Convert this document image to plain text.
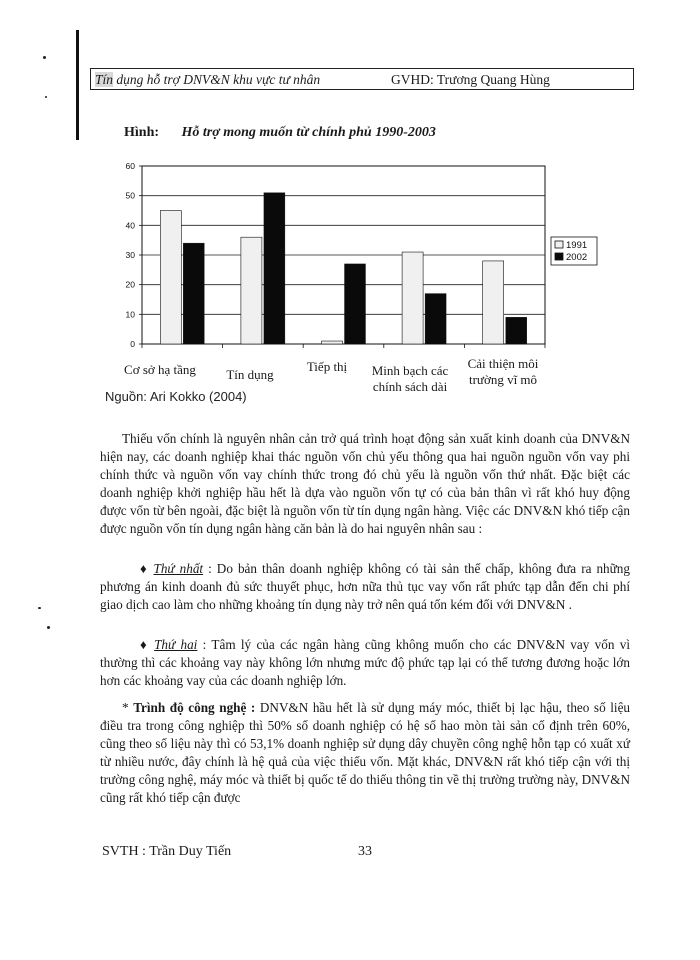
Tín dụng hỗ trợ DNV&N khu vực tư nhân	GVHD: Trương Quang Hùng
Hình: Hỗ trợ mong muốn từ chính phủ 1990-2003
0
10
20
30
40
50
60
1991
2002
Cơ sở hạ tầng	Tín dụng
Tiếp thị	Minh bạch các chính sách dài
Cải thiện môi trường vĩ mô
Nguồn: Ari Kokko (2004)

Thiếu vốn chính là nguyên nhân cản trở quá trình hoạt động sản xuất kinh doanh của DNV&N hiện nay, các doanh nghiệp khai thác nguồn vốn chủ yếu thông qua hai nguồn nguồn vốn vay phi chính thức và nguồn vốn vay chính thức trong đó chủ yếu là nguồn vốn thứ nhất. Đặc biệt các doanh nghiệp khởi nghiệp hầu hết là dựa vào nguồn vốn tự có của bản thân vì rất khó huy động được vốn từ bên ngoài, đặc biệt là nguồn vốn từ tín dụng ngân hàng. Việc các DNV&N khó tiếp cận được nguồn vốn tín dụng ngân hàng căn bản là do hai nguyên nhân sau :

♦ Thứ nhất : Do bản thân doanh nghiệp không có tài sản thế chấp, không đưa ra những phương án kinh doanh đủ sức thuyết phục, hơn nữa thủ tục vay vốn rất phức tạp dẫn đến chi phí giao dịch cao làm cho những khoảng tín dụng này trở nên quá tốn kém đối với DNV&N .

♦ Thứ hai : Tâm lý của các ngân hàng cũng không muốn cho các DNV&N vay vốn vì thường thì các khoảng vay này không lớn nhưng mức độ phức tạp lại có thể tương đương hoặc lớn hơn các khoảng vay của các doanh nghiệp lớn.

* Trình độ công nghệ : DNV&N hầu hết là sử dụng máy móc, thiết bị lạc hậu, theo số liệu điều tra trong công nghiệp thì 50% số doanh nghiệp có hệ số hao mòn tài sản cố định trên 60%, cũng theo số liệu này thì có 53,1% doanh nghiệp sử dụng dây chuyền công nghệ hỗn tạp có xuất xứ từ nhiều nước, đây chính là hệ quả của việc thiếu vốn. Mặt khác, DNV&N rất khó tiếp cận với thị trường công nghệ, máy móc và thiết bị quốc tế do thiếu thông tin về thị trường trường này, DNV&N cũng rất khó tiếp cận được

SVTH : Trần Duy Tiến	33
